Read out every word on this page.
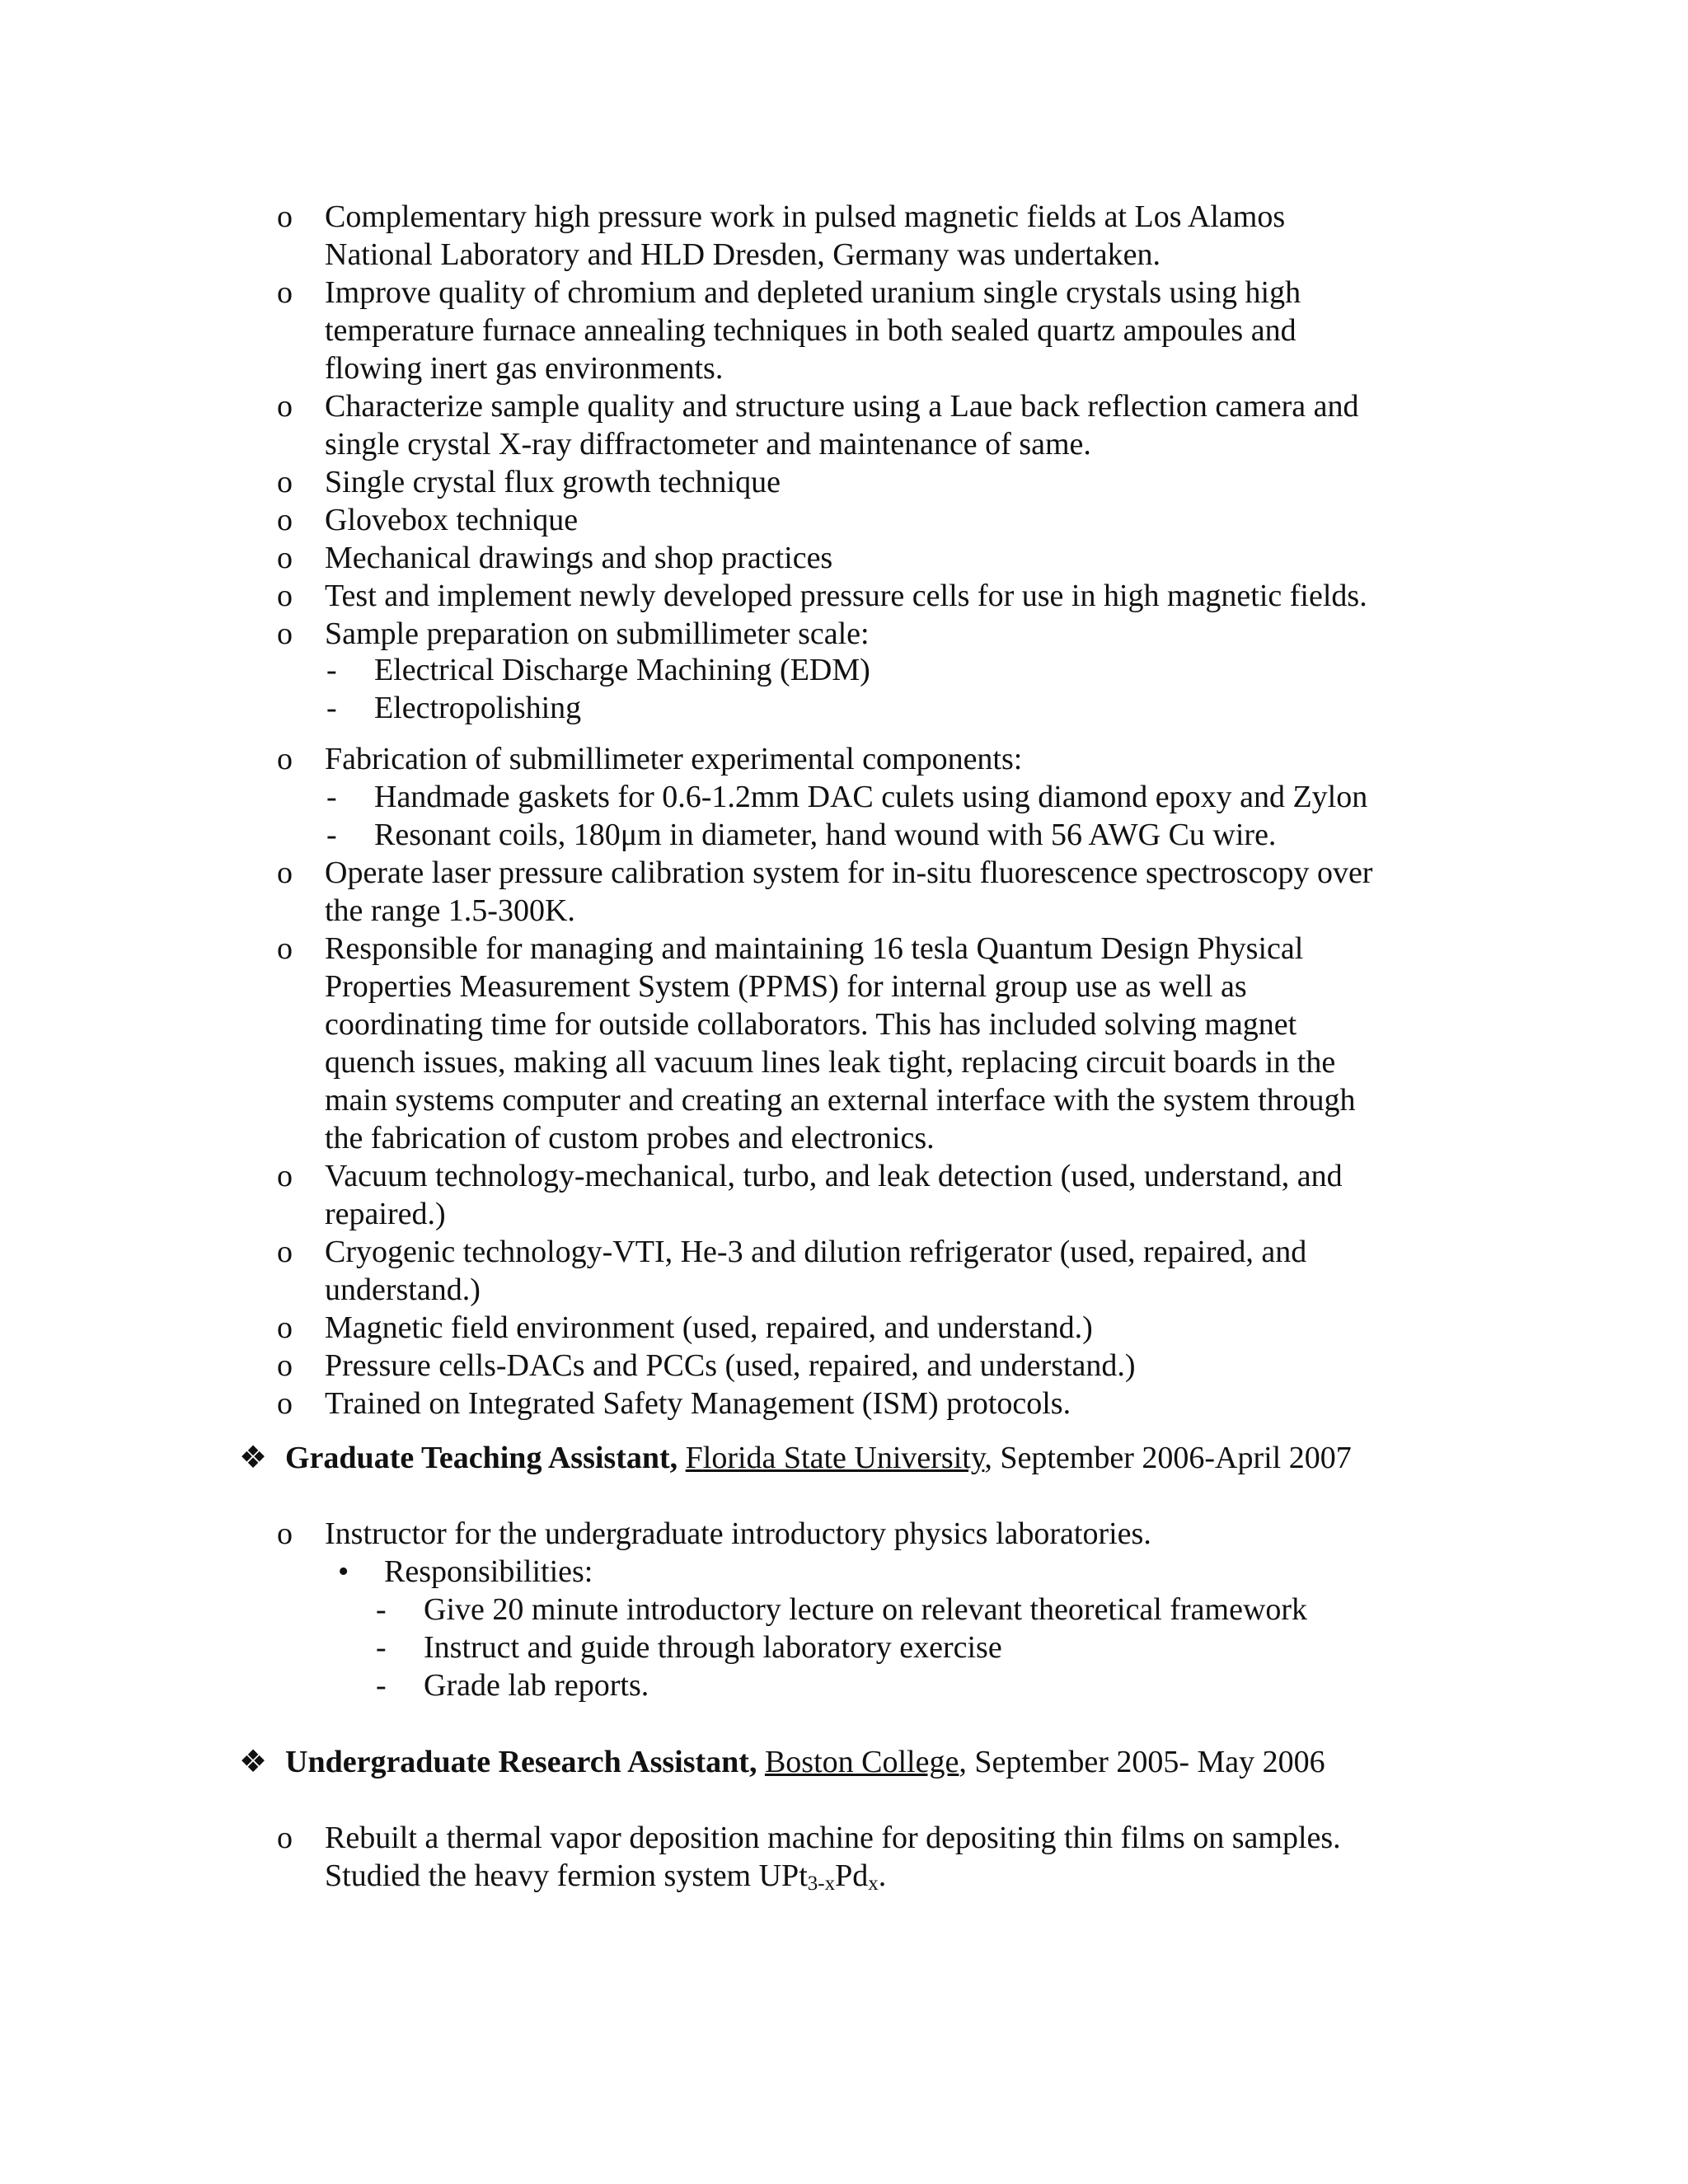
o Complementary high pressure work in pulsed magnetic fields at Los Alamos
National Laboratory and HLD Dresden, Germany was undertaken.
o Improve quality of chromium and depleted uranium single crystals using high
temperature furnace annealing techniques in both sealed quartz ampoules and
flowing inert gas environments.
o Characterize sample quality and structure using a Laue back reflection camera and
single crystal X-ray diffractometer and maintenance of same.
o Single crystal flux growth technique
o Glovebox technique
o Mechanical drawings and shop practices
o Test and implement newly developed pressure cells for use in high magnetic fields.
o Sample preparation on submillimeter scale:
- Electrical Discharge Machining (EDM)
- Electropolishing
o Fabrication of submillimeter experimental components:
- Handmade gaskets for 0.6-1.2mm DAC culets using diamond epoxy and Zylon
- Resonant coils, 180μm in diameter, hand wound with 56 AWG Cu wire.
o Operate laser pressure calibration system for in-situ fluorescence spectroscopy over
the range 1.5-300K.
o Responsible for managing and maintaining 16 tesla Quantum Design Physical
Properties Measurement System (PPMS) for internal group use as well as
coordinating time for outside collaborators. This has included solving magnet
quench issues, making all vacuum lines leak tight, replacing circuit boards in the
main systems computer and creating an external interface with the system through
the fabrication of custom probes and electronics.
o Vacuum technology-mechanical, turbo, and leak detection (used, understand, and
repaired.)
o Cryogenic technology-VTI, He-3 and dilution refrigerator (used, repaired, and
understand.)
o Magnetic field environment (used, repaired, and understand.)
o Pressure cells-DACs and PCCs (used, repaired, and understand.)
o Trained on Integrated Safety Management (ISM) protocols.
❖ Graduate Teaching Assistant, Florida State University, September 2006-April 2007
o Instructor for the undergraduate introductory physics laboratories.
• Responsibilities:
- Give 20 minute introductory lecture on relevant theoretical framework
- Instruct and guide through laboratory exercise
- Grade lab reports.
❖ Undergraduate Research Assistant, Boston College, September 2005- May 2006
o Rebuilt a thermal vapor deposition machine for depositing thin films on samples.
Studied the heavy fermion system $UPt_{3-x}Pd_x$.
